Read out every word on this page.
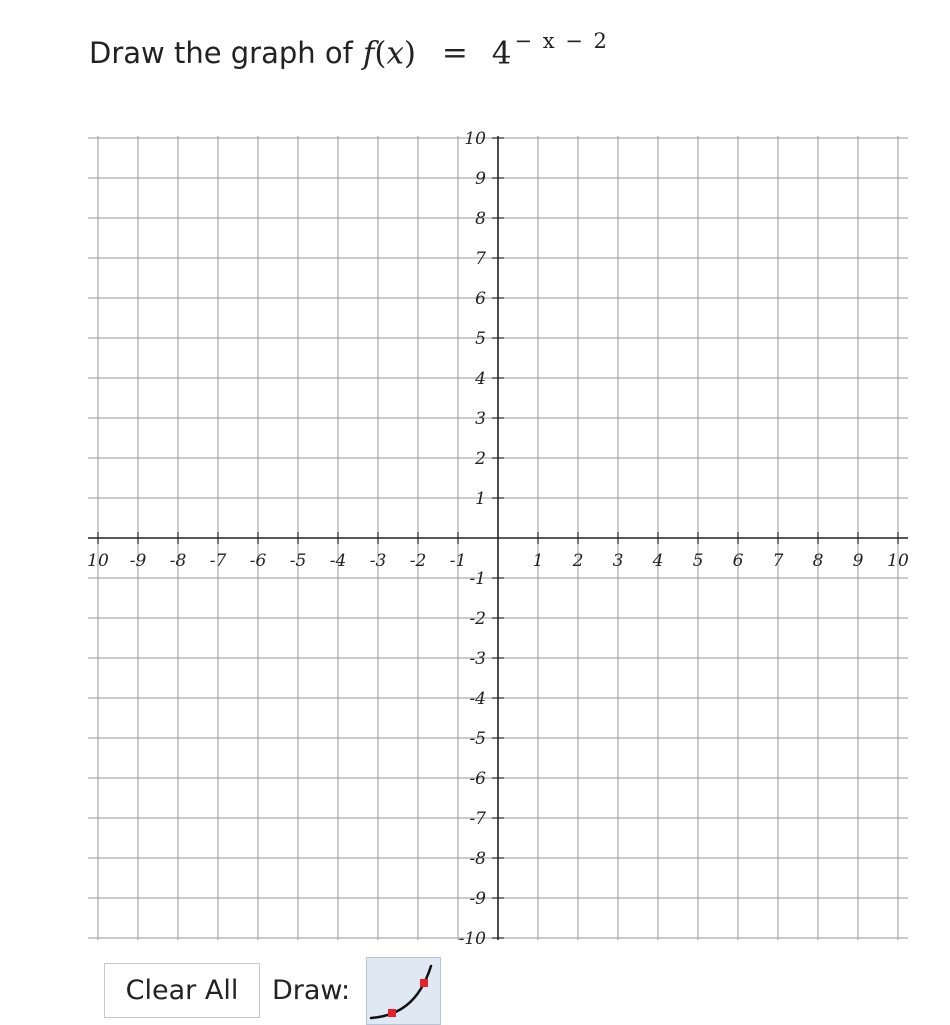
10 -9 -8 -7 -6 -5 -4 -3 -2 -1	1 2 3 4 5 6 7 8 9 10
10
9
8
7
6
5
4
3
2
1
-1
-2
-3
-4
-5
-6
-7
-8
-9
-10
Draw the graph of f(x) = 4 $^{- x - 2}$
Clear All	Draw:
